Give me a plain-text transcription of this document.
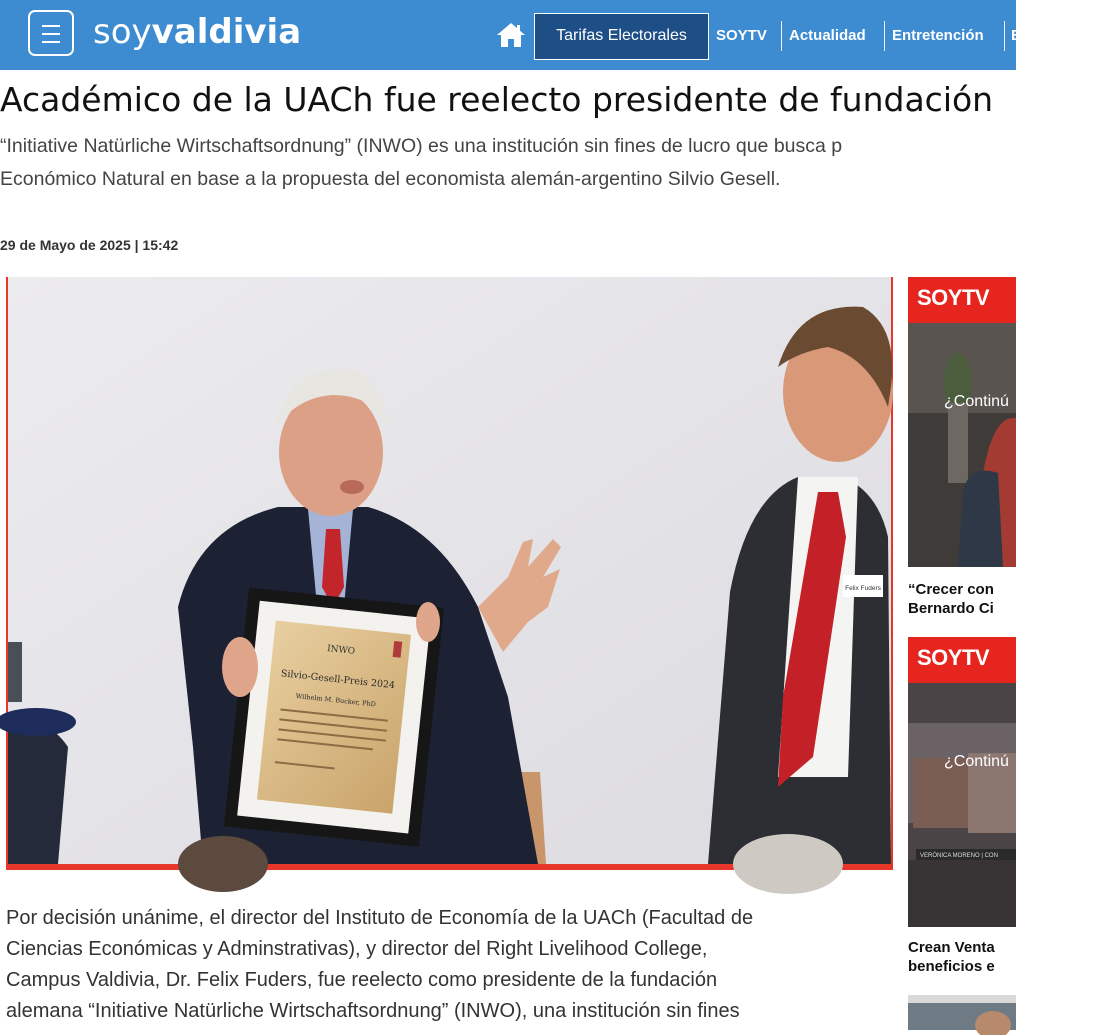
soyvaldivia	Tarifas Electorales	SOYTV Actualidad Entretención E
Académico de la UACh fue reelecto presidente de fundación
“Initiative Natürliche Wirtschaftsordnung” (INWO) es una institución sin fines de lucro que busca p
Económico Natural en base a la propuesta del economista alemán-argentino Silvio Gesell.
29 de Mayo de 2025 | 15:42
INWO
Silvio-Gesell-Preis 2024
Wilhelm M. Bucker, PhD
Felix Fuders
Por decisión unánime, el director del Instituto de Economía de la UACh (Facultad de
Ciencias Económicas y Adminstrativas), y director del Right Livelihood College,
Campus Valdivia, Dr. Felix Fuders, fue reelecto como presidente de la fundación
alemana “Initiative Natürliche Wirtschaftsordnung” (INWO), una institución sin fines
SOYTV
¿Continú
“Crecer con
Bernardo Ci
SOYTV
VERÓNICA MORENO | CON
¿Continú
Crean Venta
beneficios e
